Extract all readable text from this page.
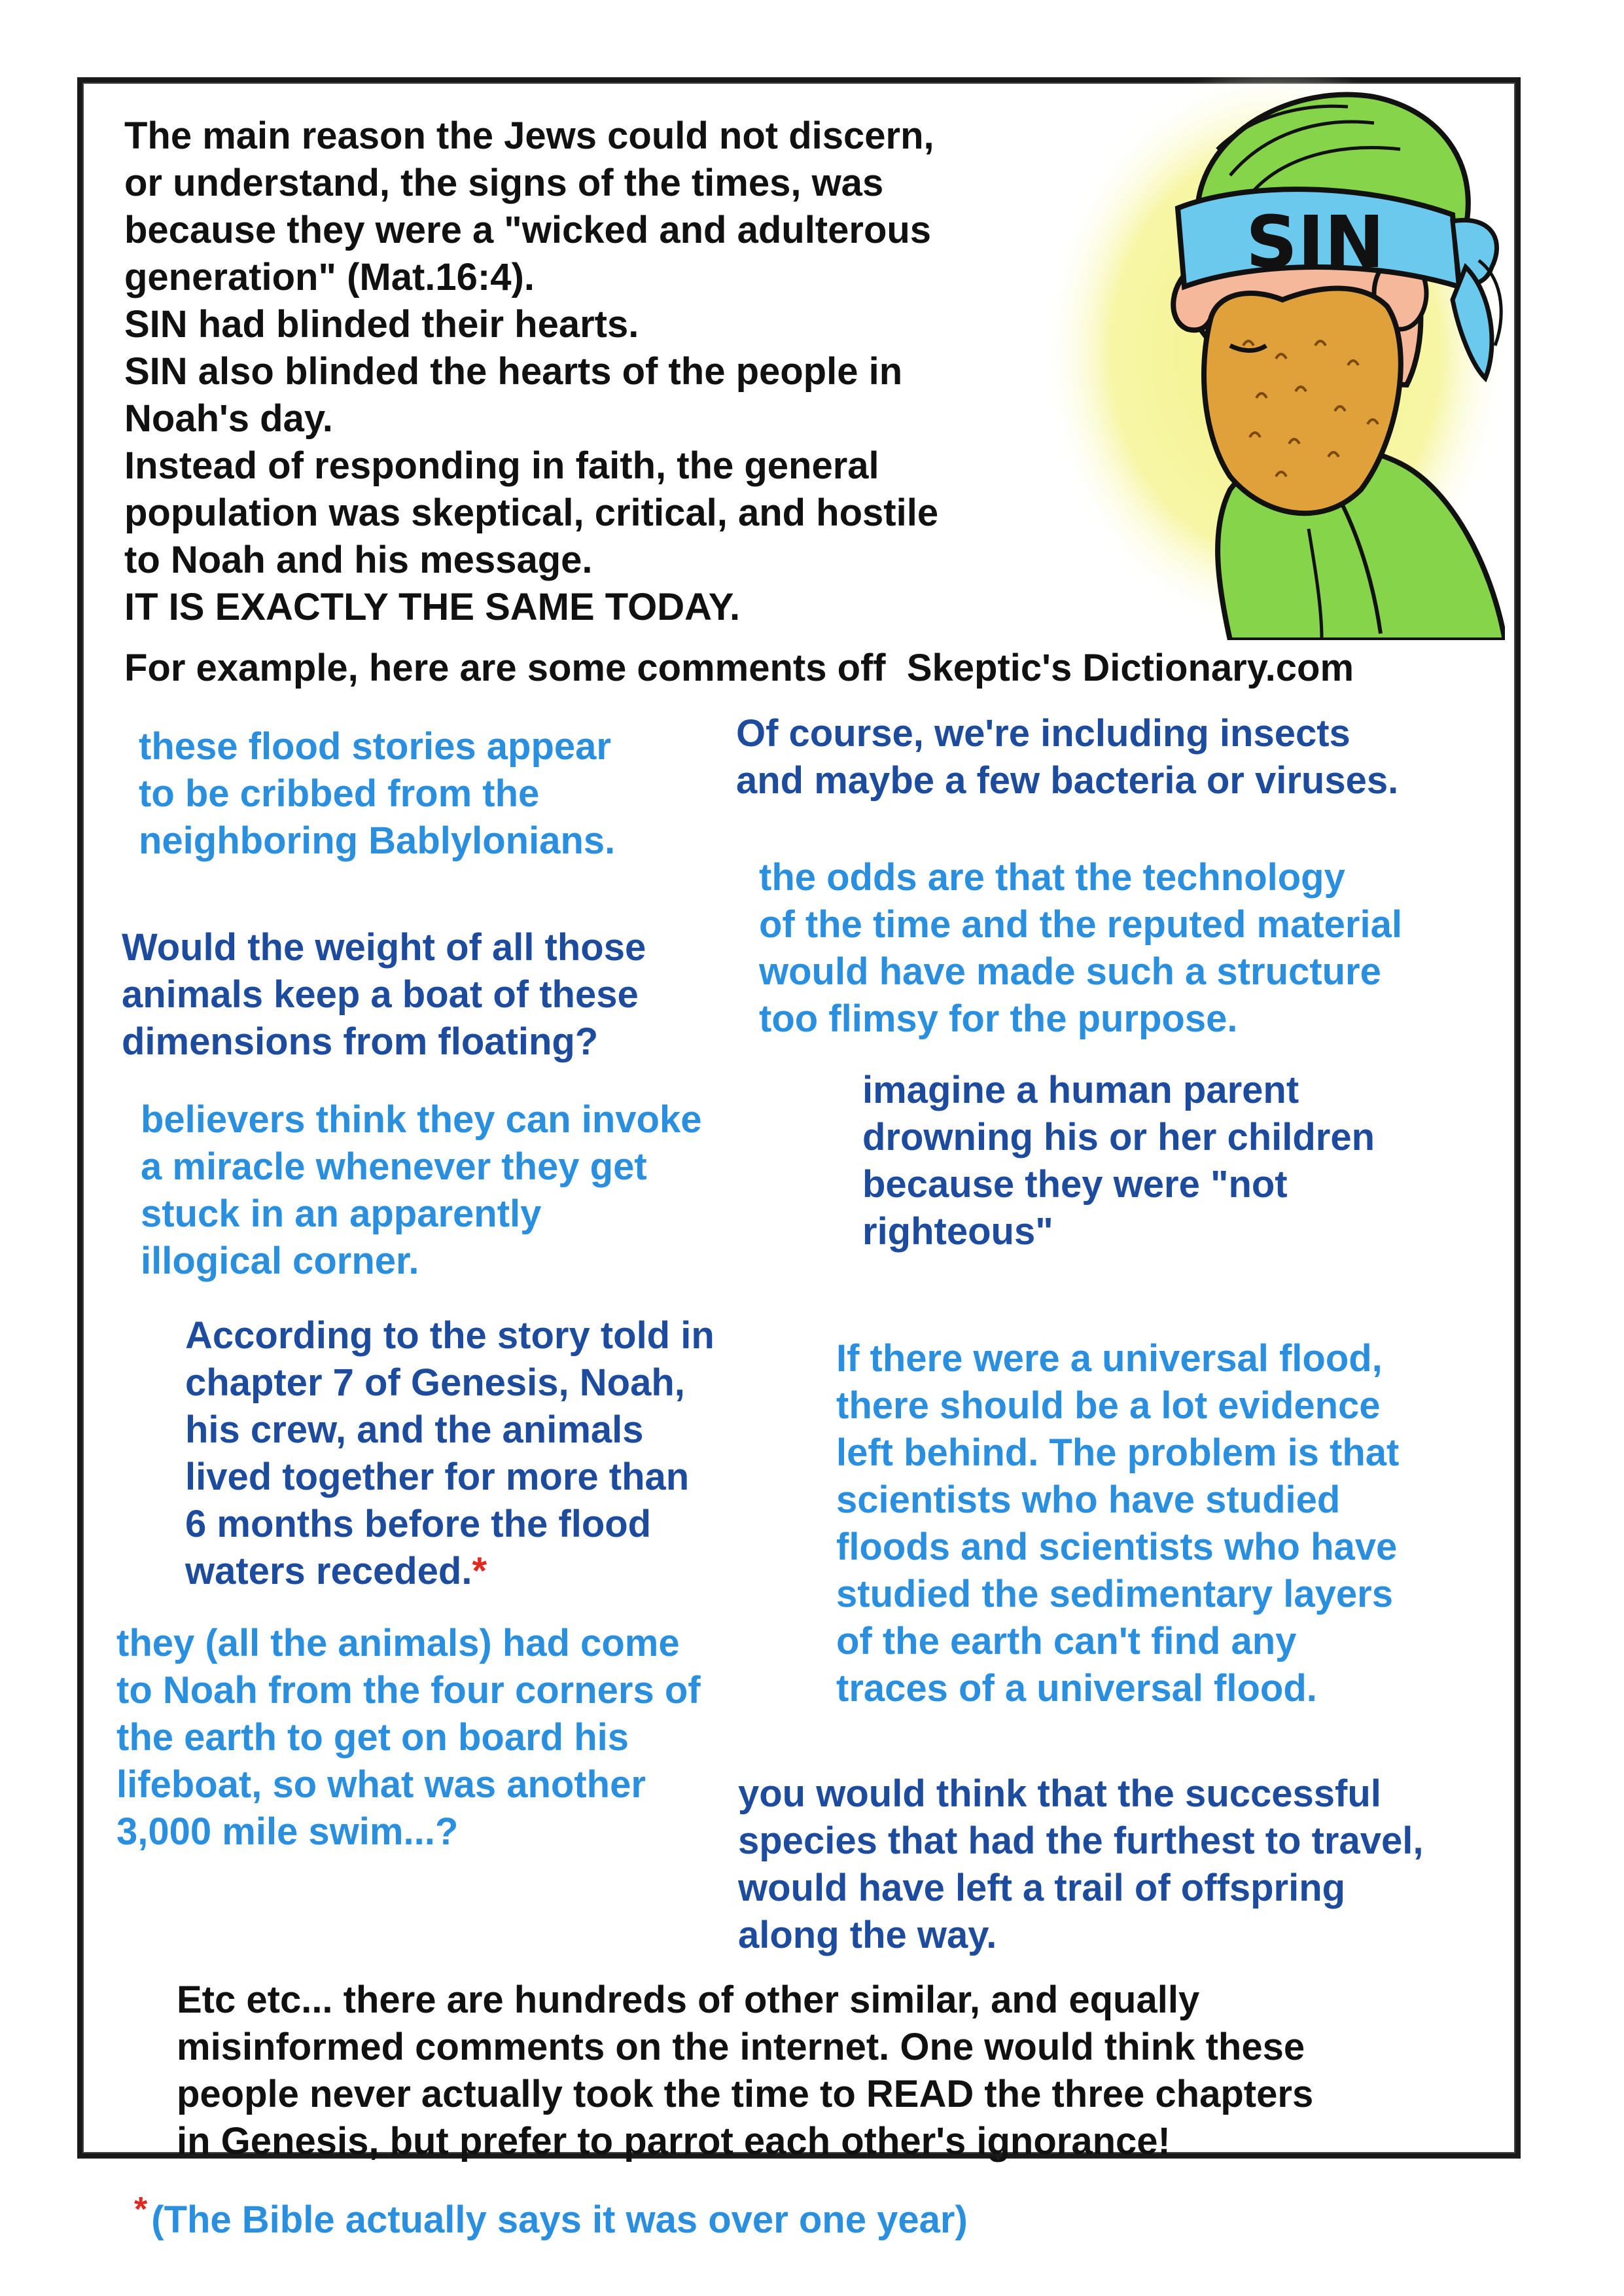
SIN
The main reason the Jews could not discern,
or understand, the signs of the times, was
because they were a "wicked and adulterous
generation" (Mat.16:4).
SIN had blinded their hearts.
SIN also blinded the hearts of the people in
Noah's day.
Instead of responding in faith, the general
population was skeptical, critical, and hostile
to Noah and his message.
IT IS EXACTLY THE SAME TODAY.
For example, here are some comments off  Skeptic's Dictionary.com
these flood stories appear
to be cribbed from the
neighboring Bablylonians.
Of course, we're including insects
and maybe a few bacteria or viruses.
the odds are that the technology
of the time and the reputed material
would have made such a structure
too flimsy for the purpose.
Would the weight of all those
animals keep a boat of these
dimensions from floating?
believers think they can invoke
a miracle whenever they get
stuck in an apparently
illogical corner.
imagine a human parent
drowning his or her children
because they were "not
righteous"
According to the story told in
chapter 7 of Genesis, Noah,
his crew, and the animals
lived together for more than
6 months before the flood
waters receded.*
If there were a universal flood,
there should be a lot evidence
left behind. The problem is that
scientists who have studied
floods and scientists who have
studied the sedimentary layers
of the earth can't find any
traces of a universal flood.
they (all the animals) had come
to Noah from the four corners of
the earth to get on board his
lifeboat, so what was another
3,000 mile swim...?
you would think that the successful
species that had the furthest to travel,
would have left a trail of offspring
along the way.
Etc etc... there are hundreds of other similar, and equally
misinformed comments on the internet. One would think these
people never actually took the time to READ the three chapters
in Genesis, but prefer to parrot each other's ignorance!
* (The Bible actually says it was over one year)
